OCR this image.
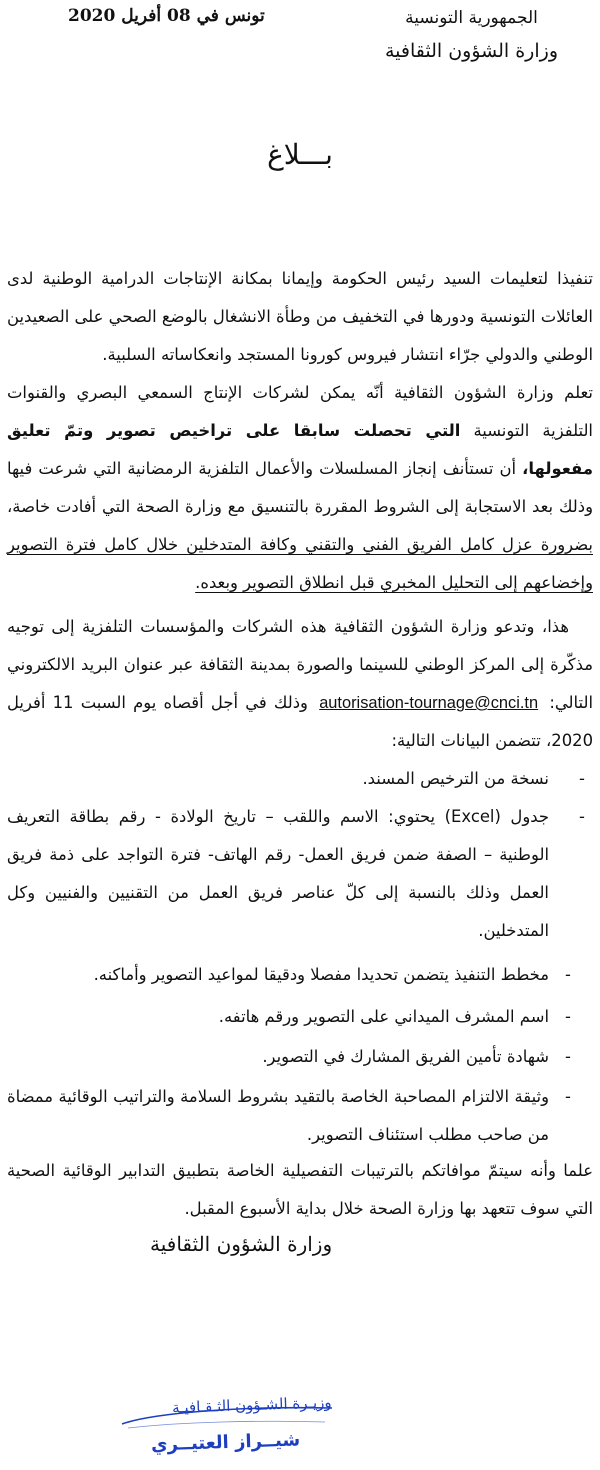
الجمهورية التونسية
وزارة الشؤون الثقافية
تونس في 08 أفريل 2020
بـــلاغ
تنفيذا لتعليمات السيد رئيس الحكومة وإيمانا بمكانة الإنتاجات الدرامية الوطنية لدى العائلات التونسية ودورها في التخفيف من وطأة الانشغال بالوضع الصحي على الصعيدين الوطني والدولي جرّاء انتشار فيروس كورونا المستجد وانعكاساته السلبية.
تعلم وزارة الشؤون الثقافية أنّه يمكن لشركات الإنتاج السمعي البصري والقنوات التلفزية التونسية التي تحصلت سابقا على تراخيص تصوير وتمّ تعليق مفعولها، أن تستأنف إنجاز المسلسلات والأعمال التلفزية الرمضانية التي شرعت فيها وذلك بعد الاستجابة إلى الشروط المقررة بالتنسيق مع وزارة الصحة التي أفادت خاصة، بضرورة عزل كامل الفريق الفني والتقني وكافة المتدخلين خلال كامل فترة التصوير وإخضاعهم إلى التحليل المخبري قبل انطلاق التصوير وبعده.
هذا، وتدعو وزارة الشؤون الثقافية هذه الشركات والمؤسسات التلفزية إلى توجيه مذكّرة إلى المركز الوطني للسينما والصورة بمدينة الثقافة عبر عنوان البريد الالكتروني التالي: autorisation-tournage@cnci.tn وذلك في أجل أقصاه يوم السبت 11 أفريل 2020، تتضمن البيانات التالية:
-
نسخة من الترخيص المسند.
-
جدول (Excel) يحتوي: الاسم واللقب – تاريخ الولادة - رقم بطاقة التعريف الوطنية – الصفة ضمن فريق العمل- رقم الهاتف- فترة التواجد على ذمة فريق العمل وذلك بالنسبة إلى كلّ عناصر فريق العمل من التقنيين والفنيين وكل المتدخلين.
-
مخطط التنفيذ يتضمن تحديدا مفصلا ودقيقا لمواعيد التصوير وأماكنه.
-
اسم المشرف الميداني على التصوير ورقم هاتفه.
-
شهادة تأمين الفريق المشارك في التصوير.
-
وثيقة الالتزام المصاحبة الخاصة بالتقيد بشروط السلامة والتراتيب الوقائية ممضاة من صاحب مطلب استئناف التصوير.
علما وأنه سيتمّ موافاتكم بالترتيبات التفصيلية الخاصة بتطبيق التدابير الوقائية الصحية التي سوف تتعهد بها وزارة الصحة خلال بداية الأسبوع المقبل.
وزارة الشؤون الثقافية
وزيـرة الشـؤون الثـقـافيـة
شيــراز العتيــري
